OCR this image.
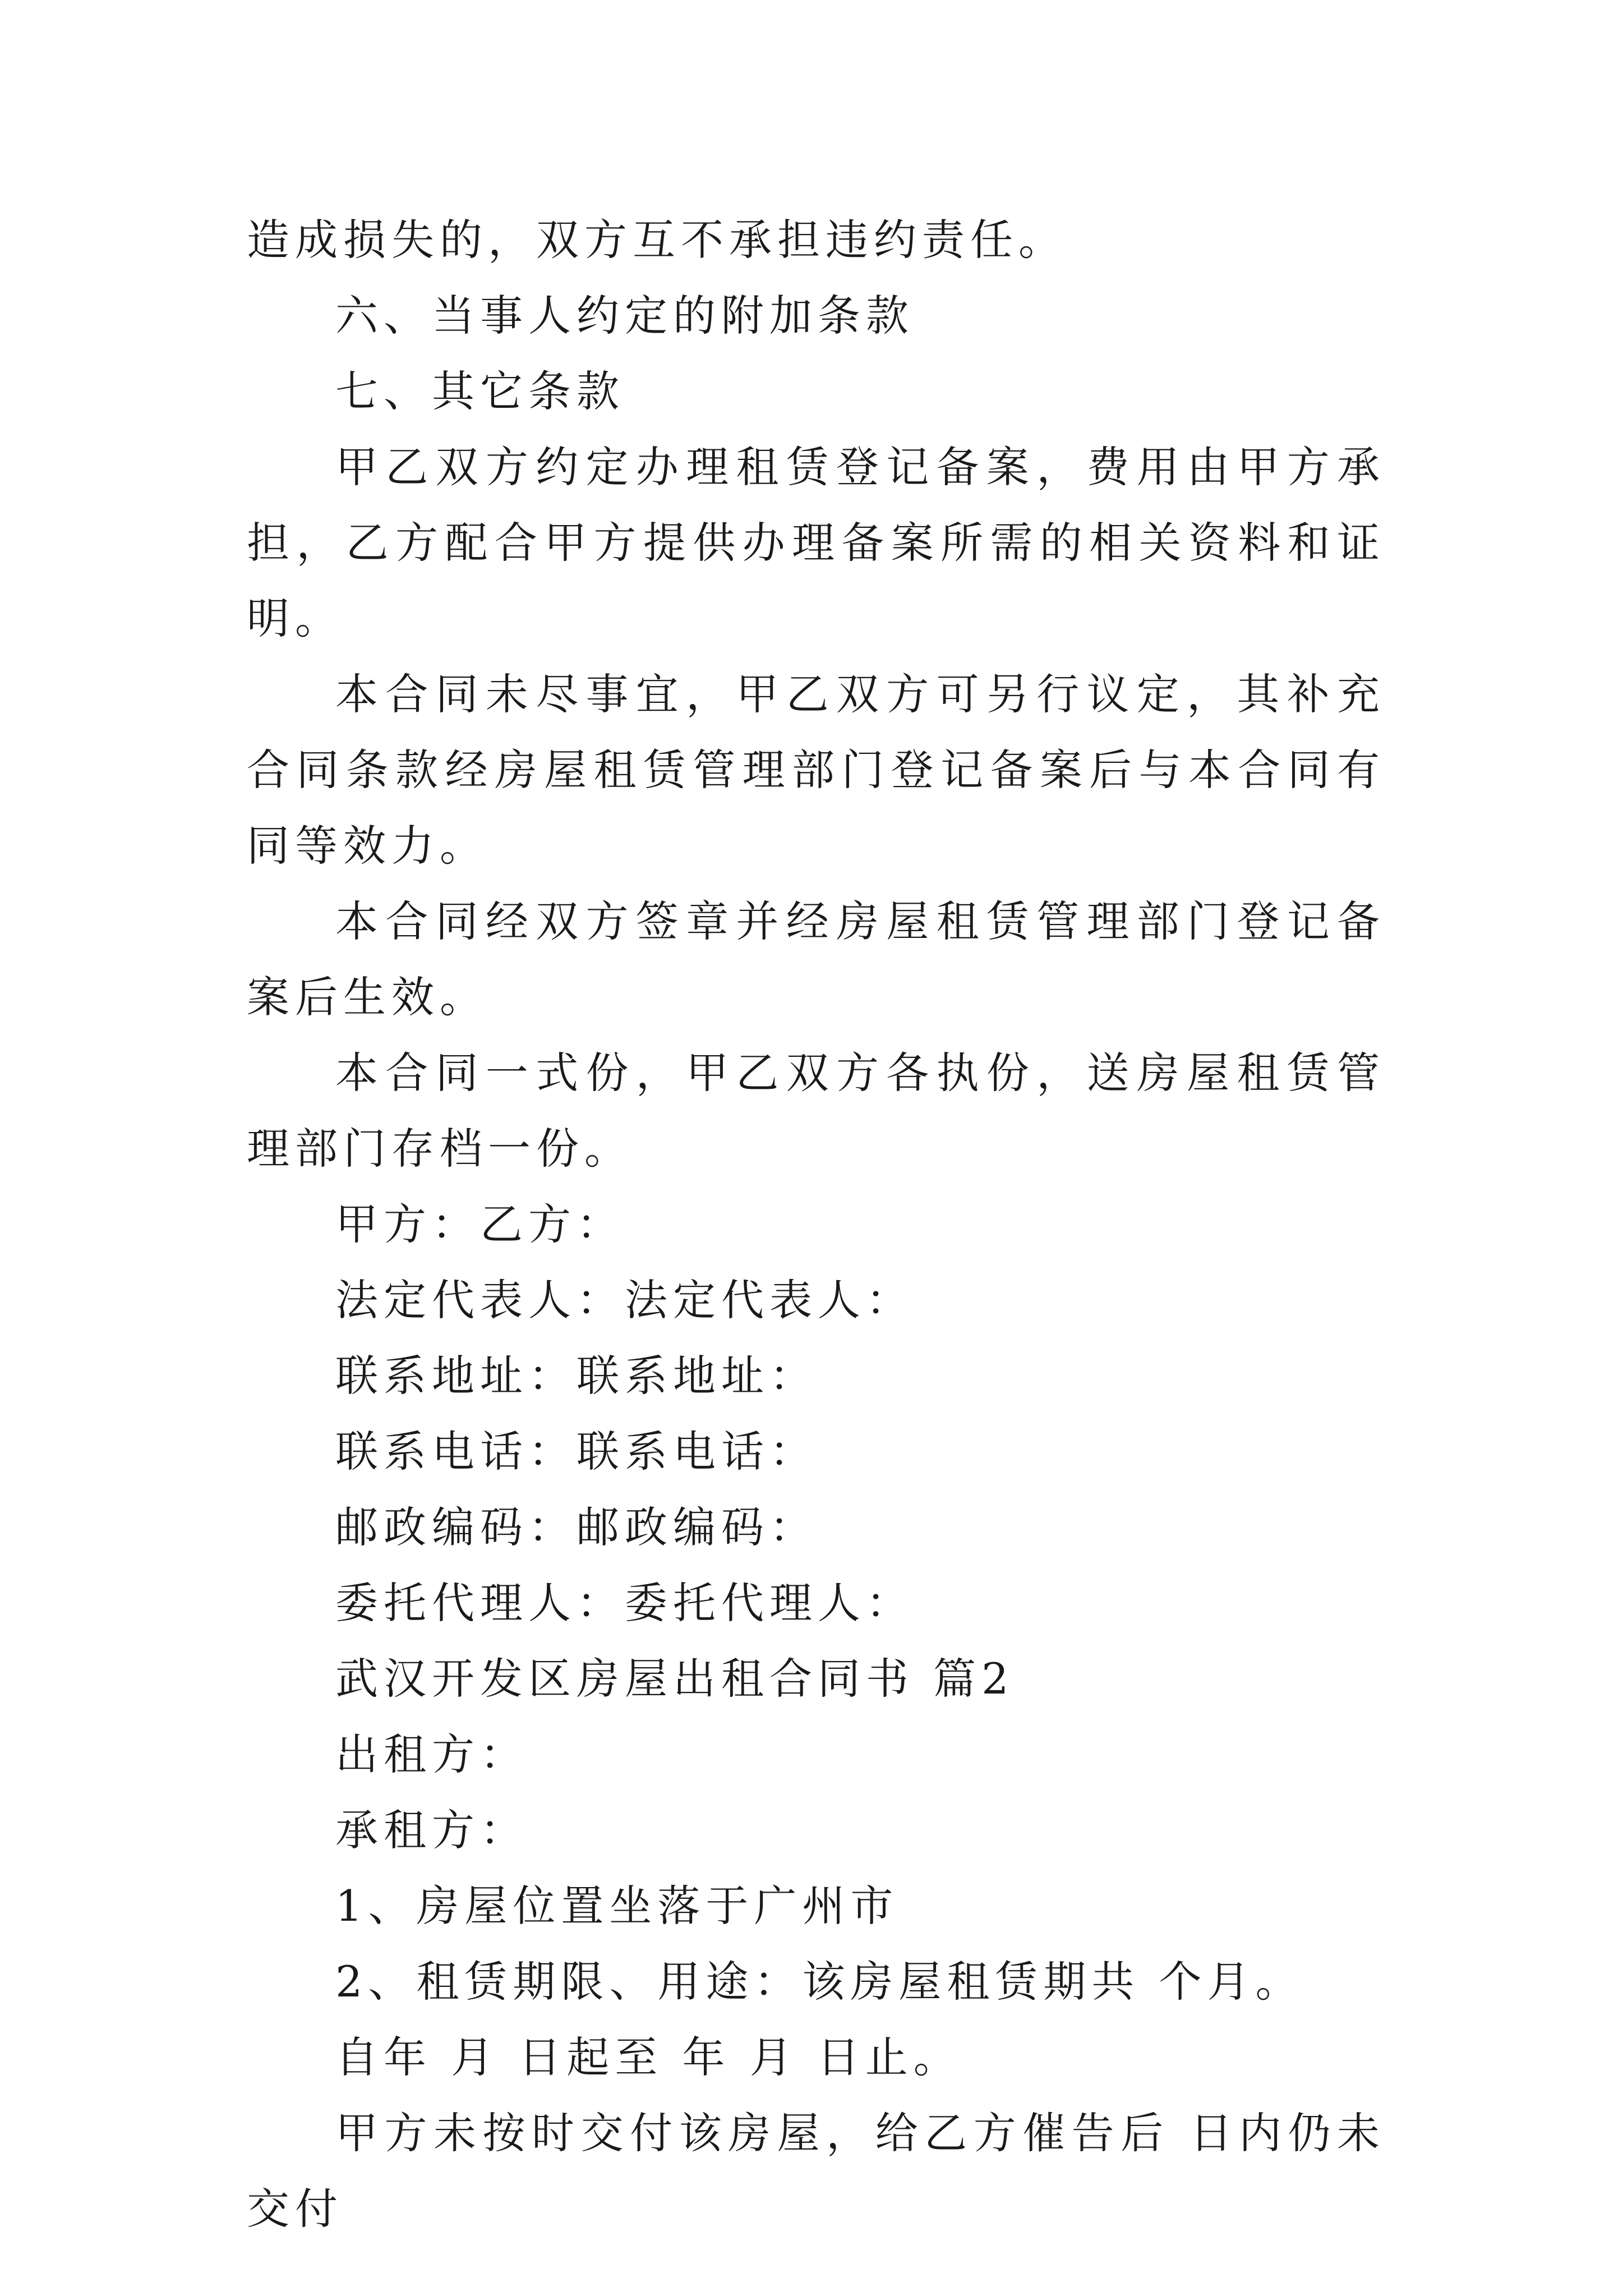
造成损失的，双方互不承担违约责任。

六、当事人约定的附加条款

七、其它条款

甲乙双方约定办理租赁登记备案，费用由甲方承担，乙方配合甲方提供办理备案所需的相关资料和证明。

本合同未尽事宜，甲乙双方可另行议定，其补充合同条款经房屋租赁管理部门登记备案后与本合同有同等效力。

本合同经双方签章并经房屋租赁管理部门登记备案后生效。

本合同一式份，甲乙双方各执份，送房屋租赁管理部门存档一份。

甲方：乙方：

法定代表人：法定代表人：

联系地址：联系地址：

联系电话：联系电话：

邮政编码：邮政编码：

委托代理人：委托代理人：

武汉开发区房屋出租合同书 篇2

出租方：

承租方：

1、房屋位置坐落于广州市

2、租赁期限、用途：该房屋租赁期共 个月。

自年 月 日起至 年 月 日止。

甲方未按时交付该房屋，给乙方催告后 日内仍未交付
